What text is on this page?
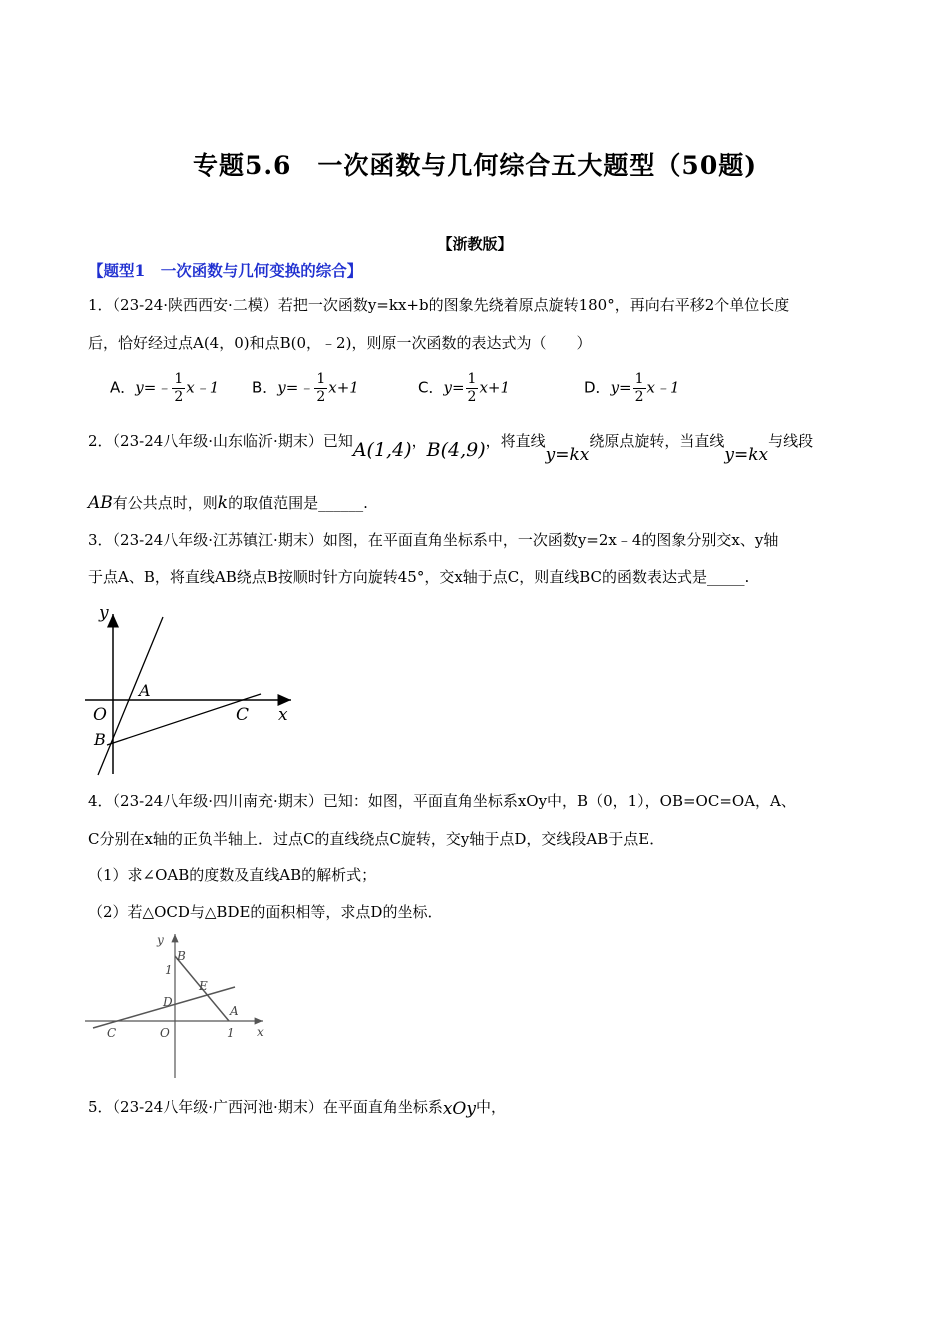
专题5.6　一次函数与几何综合五大题型（50题)
【浙教版】
【题型1　一次函数与几何变换的综合】
1．（23-24·陕西西安·二模）若把一次函数y=kx+b的图象先绕着原点旋转180°，再向右平移2个单位长度
后，恰好经过点A(4，0)和点B(0，﹣2)，则原一次函数的表达式为（　　）
A．y=﹣ $\frac{1}{2}$ x﹣1 B．y=﹣ $\frac{1}{2} x+1$	C．$y= \frac{1}{2} x+1$	D．$y= \frac{1}{2}$ x﹣1
2．（23-24八年级·山东临沂·期末）已知A(1,4)，B(4,9)，将直线y=kx绕原点旋转，当直线y=kx与线段
AB有公共点时，则k的取值范围是______.
3．（23-24八年级·江苏镇江·期末）如图，在平面直角坐标系中，一次函数y=2x﹣4的图象分别交x、y轴
于点A、B，将直线AB绕点B按顺时针方向旋转45°，交x轴于点C，则直线BC的函数表达式是_____.
y
x
O
A
B
C
4．（23-24八年级·四川南充·期末）已知：如图，平面直角坐标系xOy中，B（0，1），OB=OC=OA，A、
C分别在x轴的正负半轴上．过点C的直线绕点C旋转，交y轴于点D，交线段AB于点E．
（1）求∠OAB的度数及直线AB的解析式；
（2）若△OCD与△BDE的面积相等，求点D的坐标．
y
x
O
B
1
E
D
A
1
C
5．（23-24八年级·广西河池·期末）在平面直角坐标系xOy中，
